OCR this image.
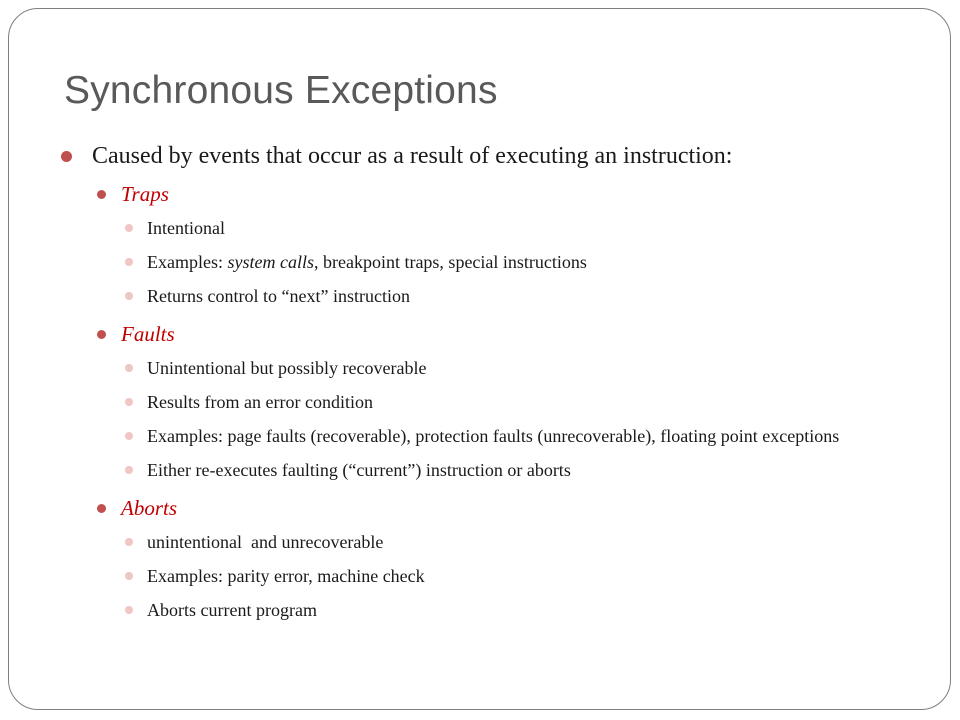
Synchronous Exceptions
Caused by events that occur as a result of executing an instruction:
Traps
Intentional
Examples: system calls, breakpoint traps, special instructions
Returns control to “next” instruction
Faults
Unintentional but possibly recoverable
Results from an error condition
Examples: page faults (recoverable), protection faults (unrecoverable), floating point exceptions
Either re-executes faulting (“current”) instruction or aborts
Aborts
unintentional  and unrecoverable
Examples: parity error, machine check
Aborts current program
